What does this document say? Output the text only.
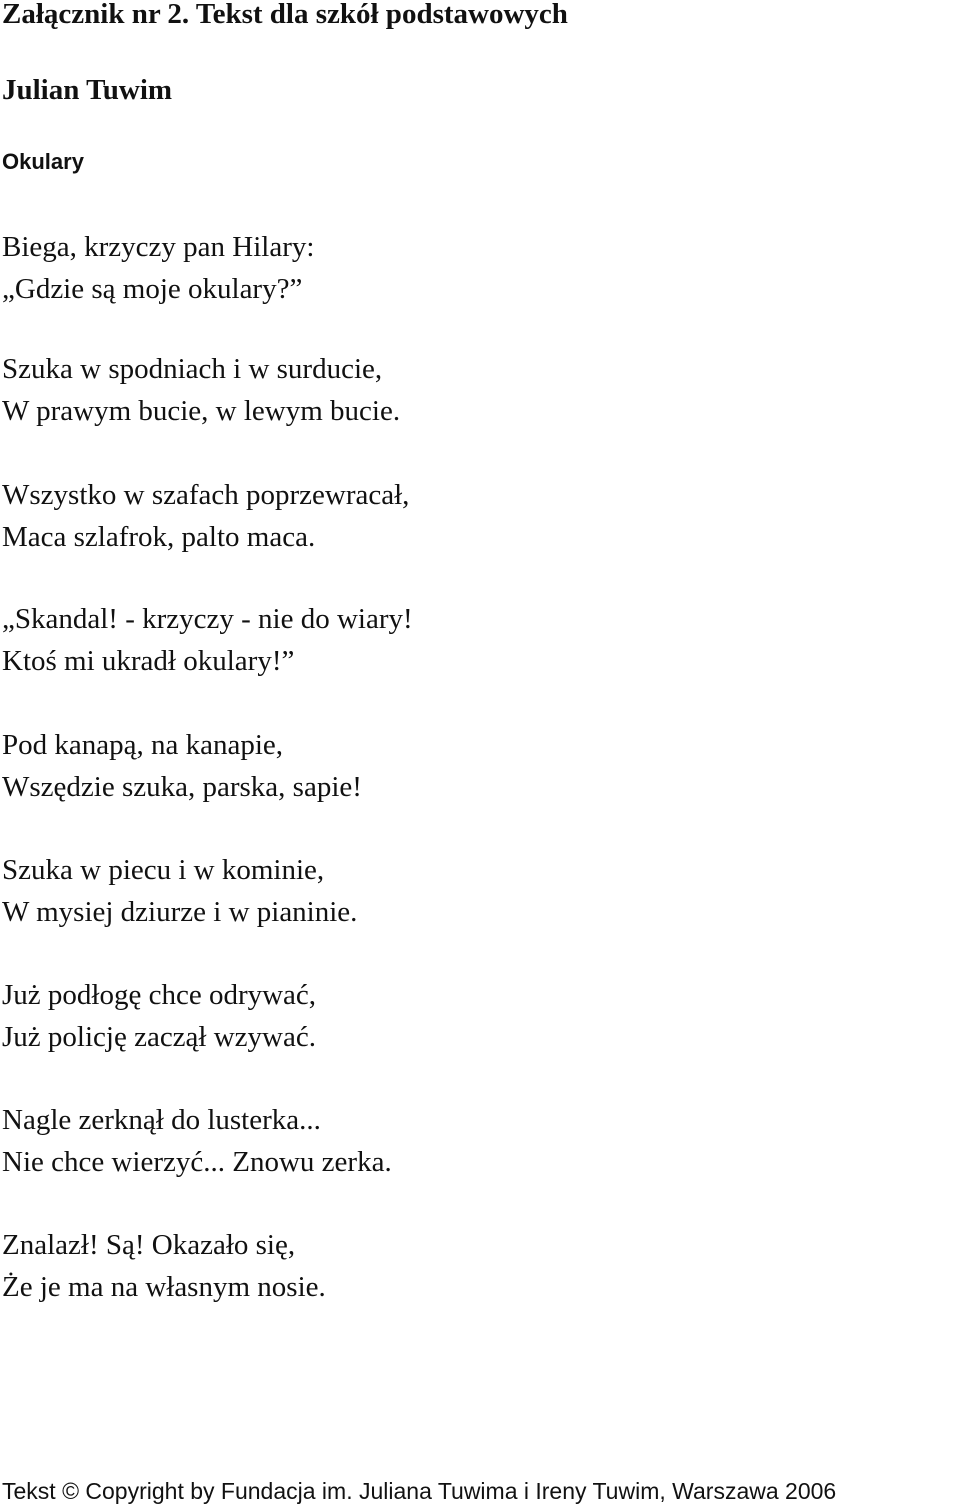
Załącznik nr 2. Tekst dla szkół podstawowych
Julian Tuwim
Okulary
Biega, krzyczy pan Hilary:
„Gdzie są moje okulary?”
Szuka w spodniach i w surducie,
W prawym bucie, w lewym bucie.
Wszystko w szafach poprzewracał,
Maca szlafrok, palto maca.
„Skandal! - krzyczy - nie do wiary!
Ktoś mi ukradł okulary!”
Pod kanapą, na kanapie,
Wszędzie szuka, parska, sapie!
Szuka w piecu i w kominie,
W mysiej dziurze i w pianinie.
Już podłogę chce odrywać,
Już policję zaczął wzywać.
Nagle zerknął do lusterka...
Nie chce wierzyć... Znowu zerka.
Znalazł! Są! Okazało się,
Że je ma na własnym nosie.
Tekst © Copyright by Fundacja im. Juliana Tuwima i Ireny Tuwim, Warszawa 2006
